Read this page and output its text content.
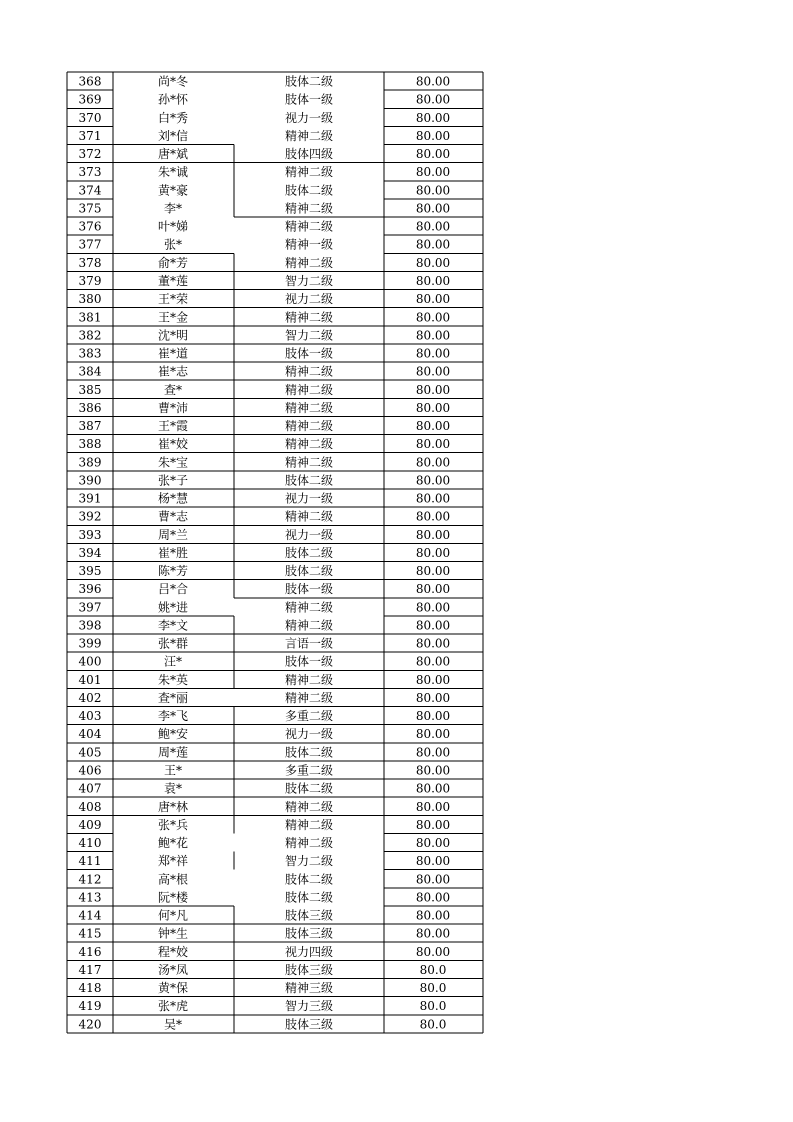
368	尚*冬	肢体二级	80.00
369	孙*怀	肢体一级	80.00
370	白*秀	视力一级	80.00
371	刘*信	精神二级	80.00
372	唐*斌	肢体四级	80.00
373	朱*诚	精神二级	80.00
374	黄*豪	肢体二级	80.00
375	李*	精神二级	80.00
376	叶*娣	精神二级	80.00
377	张*	精神一级	80.00
378	俞*芳	精神二级	80.00
379	董*莲	智力二级	80.00
380	王*荣	视力二级	80.00
381	王*金	精神二级	80.00
382	沈*明	智力二级	80.00
383	崔*道	肢体一级	80.00
384	崔*志	精神二级	80.00
385	查*	精神二级	80.00
386	曹*沛	精神二级	80.00
387	王*霞	精神二级	80.00
388	崔*姣	精神二级	80.00
389	朱*宝	精神二级	80.00
390	张*子	肢体二级	80.00
391	杨*慧	视力一级	80.00
392	曹*志	精神二级	80.00
393	周*兰	视力一级	80.00
394	崔*胜	肢体二级	80.00
395	陈*芳	肢体二级	80.00
396	吕*合	肢体一级	80.00
397	姚*进	精神二级	80.00
398	李*文	精神二级	80.00
399	张*群	言语一级	80.00
400	汪*	肢体一级	80.00
401	朱*英	精神二级	80.00
402	查*丽	精神二级	80.00
403	李*飞	多重二级	80.00
404	鲍*安	视力一级	80.00
405	周*莲	肢体二级	80.00
406	王*	多重二级	80.00
407	袁*	肢体二级	80.00
408	唐*林	精神二级	80.00
409	张*兵	精神二级	80.00
410	鲍*花	精神二级	80.00
411	郑*祥	智力二级	80.00
412	高*根	肢体二级	80.00
413	阮*楼	肢体二级	80.00
414	何*凡	肢体三级	80.00
415	钟*生	肢体三级	80.00
416	程*姣	视力四级	80.00
417	汤*凤	肢体三级	80.0
418	黄*保	精神三级	80.0
419	张*虎	智力三级	80.0
420	吴*	肢体三级	80.0
